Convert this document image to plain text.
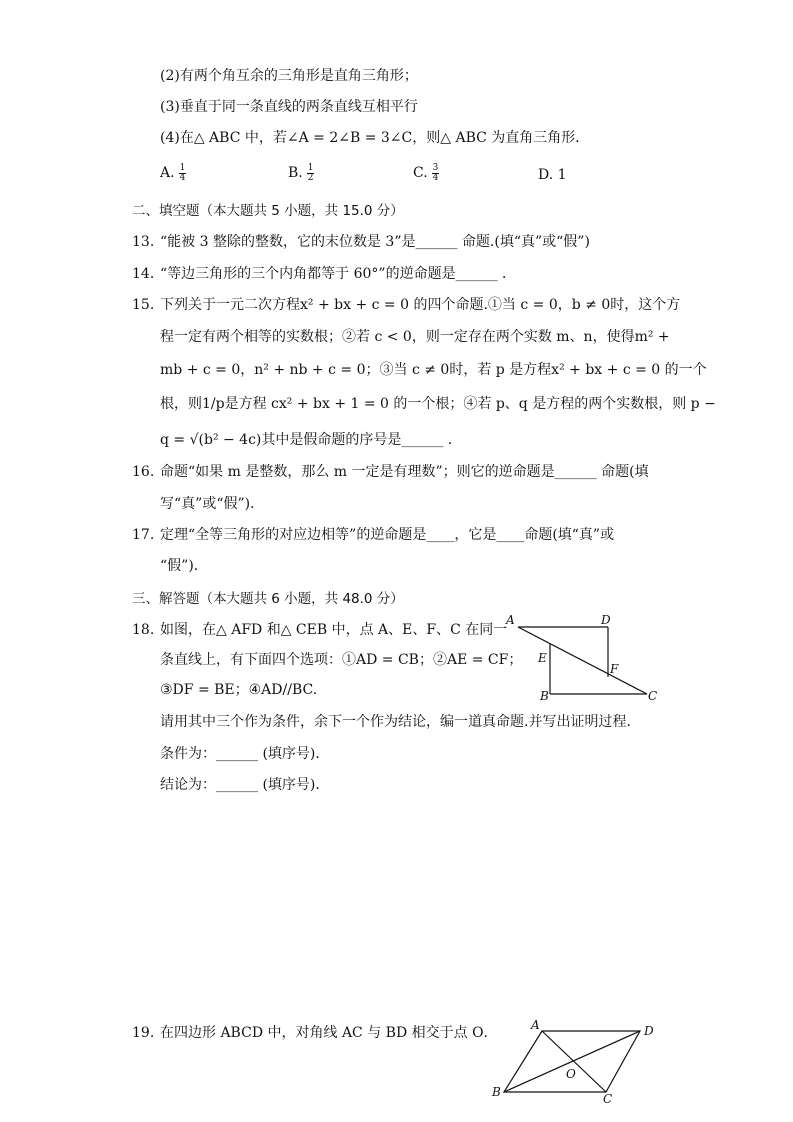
(2)有两个角互余的三角形是直角三角形；
(3)垂直于同一条直线的两条直线互相平行
(4)在△ ABC 中，若∠A = 2∠B = 3∠C，则△ ABC 为直角三角形．
A. $\frac{1}{4}$	B. $\frac{1}{2}$	C. $\frac{3}{4}$	D. 1
二、填空题（本大题共 5 小题，共 15.0 分）
13. “能被 3 整除的整数，它的末位数是 3”是______ 命题.(填“真”或“假”)
14. “等边三角形的三个内角都等于 60°”的逆命题是______ ．
15. 下列关于一元二次方程x² + bx + c = 0 的四个命题.①当 c = 0，b ≠ 0时，这个方
程一定有两个相等的实数根；②若 c < 0，则一定存在两个实数 m、n，使得m² +
mb + c = 0，n² + nb + c = 0；③当 c ≠ 0时，若 p 是方程x² + bx + c = 0 的一个
根，则1/p是方程 cx² + bx + 1 = 0 的一个根；④若 p、q 是方程的两个实数根，则 p −
q = √(b² − 4c)其中是假命题的序号是______ ．
16. 命题“如果 m 是整数，那么 m 一定是有理数”；则它的逆命题是______ 命题(填
写“真”或“假”)．
17. 定理“全等三角形的对应边相等”的逆命题是____，它是____命题(填“真”或
“假”)．
三、解答题（本大题共 6 小题，共 48.0 分）
18. 如图，在△ AFD 和△ CEB 中，点 A、E、F、C 在同一
条直线上，有下面四个选项：①AD = CB；②AE = CF；
③DF = BE；④AD//BC.
请用其中三个作为条件，余下一个作为结论，编一道真命题.并写出证明过程．
条件为：______ (填序号)．
结论为：______ (填序号)．
A	D
E
F
B	C
19. 在四边形 ABCD 中，对角线 AC 与 BD 相交于点 O．	A	D
O
B	C
